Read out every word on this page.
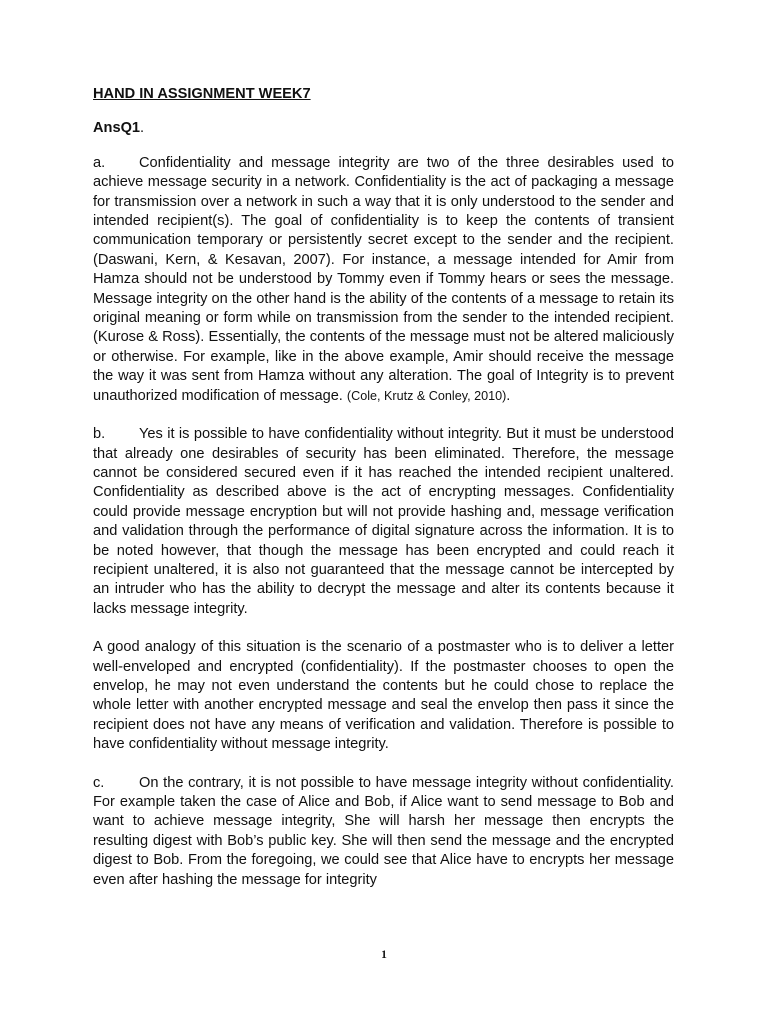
HAND IN ASSIGNMENT WEEK7
AnsQ1.

a. Confidentiality and message integrity are two of the three desirables used to achieve message security in a network. Confidentiality is the act of packaging a message for transmission over a network in such a way that it is only understood to the sender and intended recipient(s). The goal of confidentiality is to keep the contents of transient communication temporary or persistently secret except to the sender and the recipient. (Daswani, Kern, & Kesavan, 2007). For instance, a message intended for Amir from Hamza should not be understood by Tommy even if Tommy hears or sees the message. Message integrity on the other hand is the ability of the contents of a message to retain its original meaning or form while on transmission from the sender to the intended recipient. (Kurose & Ross). Essentially, the contents of the message must not be altered maliciously or otherwise. For example, like in the above example, Amir should receive the message the way it was sent from Hamza without any alteration. The goal of Integrity is to prevent unauthorized modification of message. (Cole, Krutz & Conley, 2010).

b. Yes it is possible to have confidentiality without integrity. But it must be understood that already one desirables of security has been eliminated. Therefore, the message cannot be considered secured even if it has reached the intended recipient unaltered. Confidentiality as described above is the act of encrypting messages. Confidentiality could provide message encryption but will not provide hashing and, message verification and validation through the performance of digital signature across the information. It is to be noted however, that though the message has been encrypted and could reach it recipient unaltered, it is also not guaranteed that the message cannot be intercepted by an intruder who has the ability to decrypt the message and alter its contents because it lacks message integrity.

A good analogy of this situation is the scenario of a postmaster who is to deliver a letter well-enveloped and encrypted (confidentiality). If the postmaster chooses to open the envelop, he may not even understand the contents but he could chose to replace the whole letter with another encrypted message and seal the envelop then pass it since the recipient does not have any means of verification and validation. Therefore is possible to have confidentiality without message integrity.

c. On the contrary, it is not possible to have message integrity without confidentiality. For example taken the case of Alice and Bob, if Alice want to send message to Bob and want to achieve message integrity, She will harsh her message then encrypts the resulting digest with Bob’s public key. She will then send the message and the encrypted digest to Bob. From the foregoing, we could see that Alice have to encrypts her message even after hashing the message for integrity

1
